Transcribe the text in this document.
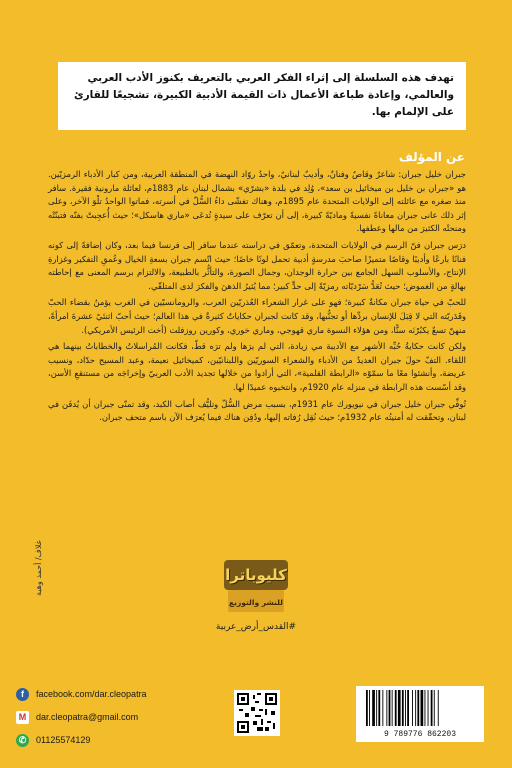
تهدف هذه السلسلة إلى إثراء الفكر العربي بالتعريف بكنوز الأدب العربي والعالمي، وإعادة طباعة الأعمال ذات القيمة الأدبية الكبيرة، تشجيعًا للقارئ على الإلمام بها.
عن المؤلف

جبران خليل جبران: شاعرٌ وقاصٌ وفنانٌ، وأديبٌ لبنانيٌ، واحدُ روّاد النهضة في المنطقة العربية، ومن كبار الأدباء الرمزيّين. هو «جبران بن خليل بن ميخائيل بن سعد»، وُلِد في بلدة «بشرّي» بشمال لبنان عام 1883م، لعائلة مارونية فقيرة. سافر منذ صغره مع عائلته إلى الولايات المتحدة عام 1895م، وهناك تفشّى داءُ السُّلّ في أسرته، فماتوا الواحدُ تلْوَ الآخر، وعلى إثر ذلك عانى جبران معاناةً نفسيةً وماديّةً كبيرة، إلى أن تعرّف على سيدةٍ تُدعَى «ماري هاسكل»؛ حيث أُعجِبتْ بفنّه فتبنّتْه ومنحتْه الكثيرَ من مالها وعطفها.

درَس جبران فنّ الرسم في الولايات المتحدة، وتعمّق في دراسته عندما سافر إلى فرنسا فيما بعد، وكان إضافةً إلى كونه فنانًا بارعًا وأديبًا وقاصًا متميزًا صاحبَ مدرسةٍ أدبية تحمل لونًا خاصًا؛ حيث اتّسم جبران بسعةِ الخيال وعُمقِ التفكير وغزارةِ الإنتاج، والأسلوب السهل الجامع بين حرارة الوجدان، وجمال الصورة، والتأثُّر بالطبيعة، والالتزام برسم المعنى مع إحاطته بهالةٍ من الغموض؛ حيث تُعَدُّ سَرْديّاته رمزيّةً إلى حدٍّ كبير؛ مما يُثيرُ الذهنَ والفكرَ لدى المتلقّي.

للحبّ في حياة جبران مكانةٌ كبيرة؛ فهو على غرار الشعراء العُذريّين العرب، والرومانسيّين في الغرب يؤمنُ بقضاء الحبّ وقَدَريّته التي لا قِبَلَ للإنسان بردِّها أو تجنُّبها، وقد كانت لجبران حكاياتٌ كثيرةٌ في هذا العالم؛ حيث أحبّ اثنتَيْ عشرةَ امرأةً، منهنّ تسعٌ يكبُرْنَه سنًّا، ومن هؤلاء النسوة ماري قهوجي، وماري خوري، وكورين روزفلت (أخت الرئيس الأمريكي).

ولكن كانت حكايةُ حُبِّه الأشهر مع الأديبة مي زيادة، التي لم يرَها ولم ترَه قطّ، فكانت المُراسلاتُ والخطاباتُ بينهما هي اللقاء. التفّ حولَ جبران العديدُ من الأدباء والشعراء السوريّين واللبنانيّين، كميخائيل نعيمة، وعبد المسيح حدّاد، ونسيب عريضة، وأنشئوا معًا ما سمّوْه «الرابطة القلمية»، التي أرادوا من خلالها تجديد الأدب العربيّ وإخراجَه من مستنقعِ الأسن، وقد أسّست هذه الرابطة في منزله عام 1920م، وانتخبوه عميدًا لها.

تُوفِّي جبران خليل جبران في نيويورك عام 1931م، بسبب مرض السُّلّ وتليُّف أصاب الكبد، وقد تمنّى جبران أن يُدفَن في لبنان، وتحقّقت له أمنيتُه عام 1932م؛ حيث نُقِل رُفاته إليها، ودُفِن هناك فيما يُعرَف الآن باسم متحف جبران.

غلاف/ أحمد وهبة	كليوباترا
للنشر والتوزيع
#القدس_أرض_عربية
f	facebook.com/dar.cleopatra
M	dar.cleopatra@gmail.com
✆	01125574129
9 789776 862203
